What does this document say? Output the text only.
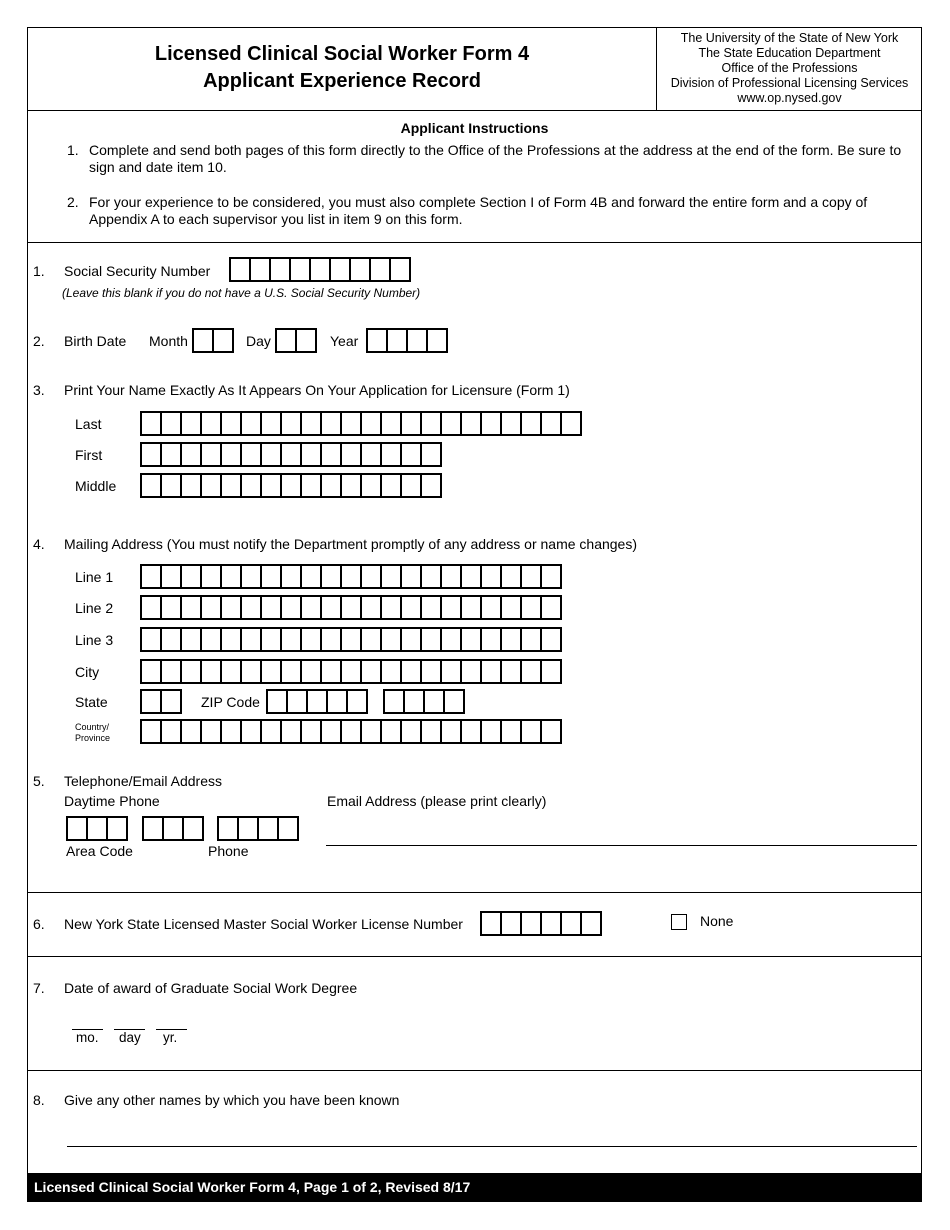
Licensed Clinical Social Worker Form 4
Applicant Experience Record
The University of the State of New York
The State Education Department
Office of the Professions
Division of Professional Licensing Services
www.op.nysed.gov
Applicant Instructions
1. Complete and send both pages of this form directly to the Office of the Professions at the address at the end of the form. Be sure to sign and date item 10.
2. For your experience to be considered, you must also complete Section I of Form 4B and forward the entire form and a copy of Appendix A to each supervisor you list in item 9 on this form.
1. Social Security Number
(Leave this blank if you do not have a U.S. Social Security Number)
2. Birth Date Month	Day	Year
3. Print Your Name Exactly As It Appears On Your Application for Licensure (Form 1)
Last
First
Middle
4. Mailing Address (You must notify the Department promptly of any address or name changes)
Line 1
Line 2
Line 3
City
State	ZIP Code
Country/
Province
5. Telephone/Email Address
Daytime Phone	Email Address (please print clearly)
Area Code	Phone
6. New York State Licensed Master Social Worker License Number	None
7. Date of award of Graduate Social Work Degree
mo. day yr.
8. Give any other names by which you have been known
Licensed Clinical Social Worker Form 4, Page 1 of 2, Revised 8/17
